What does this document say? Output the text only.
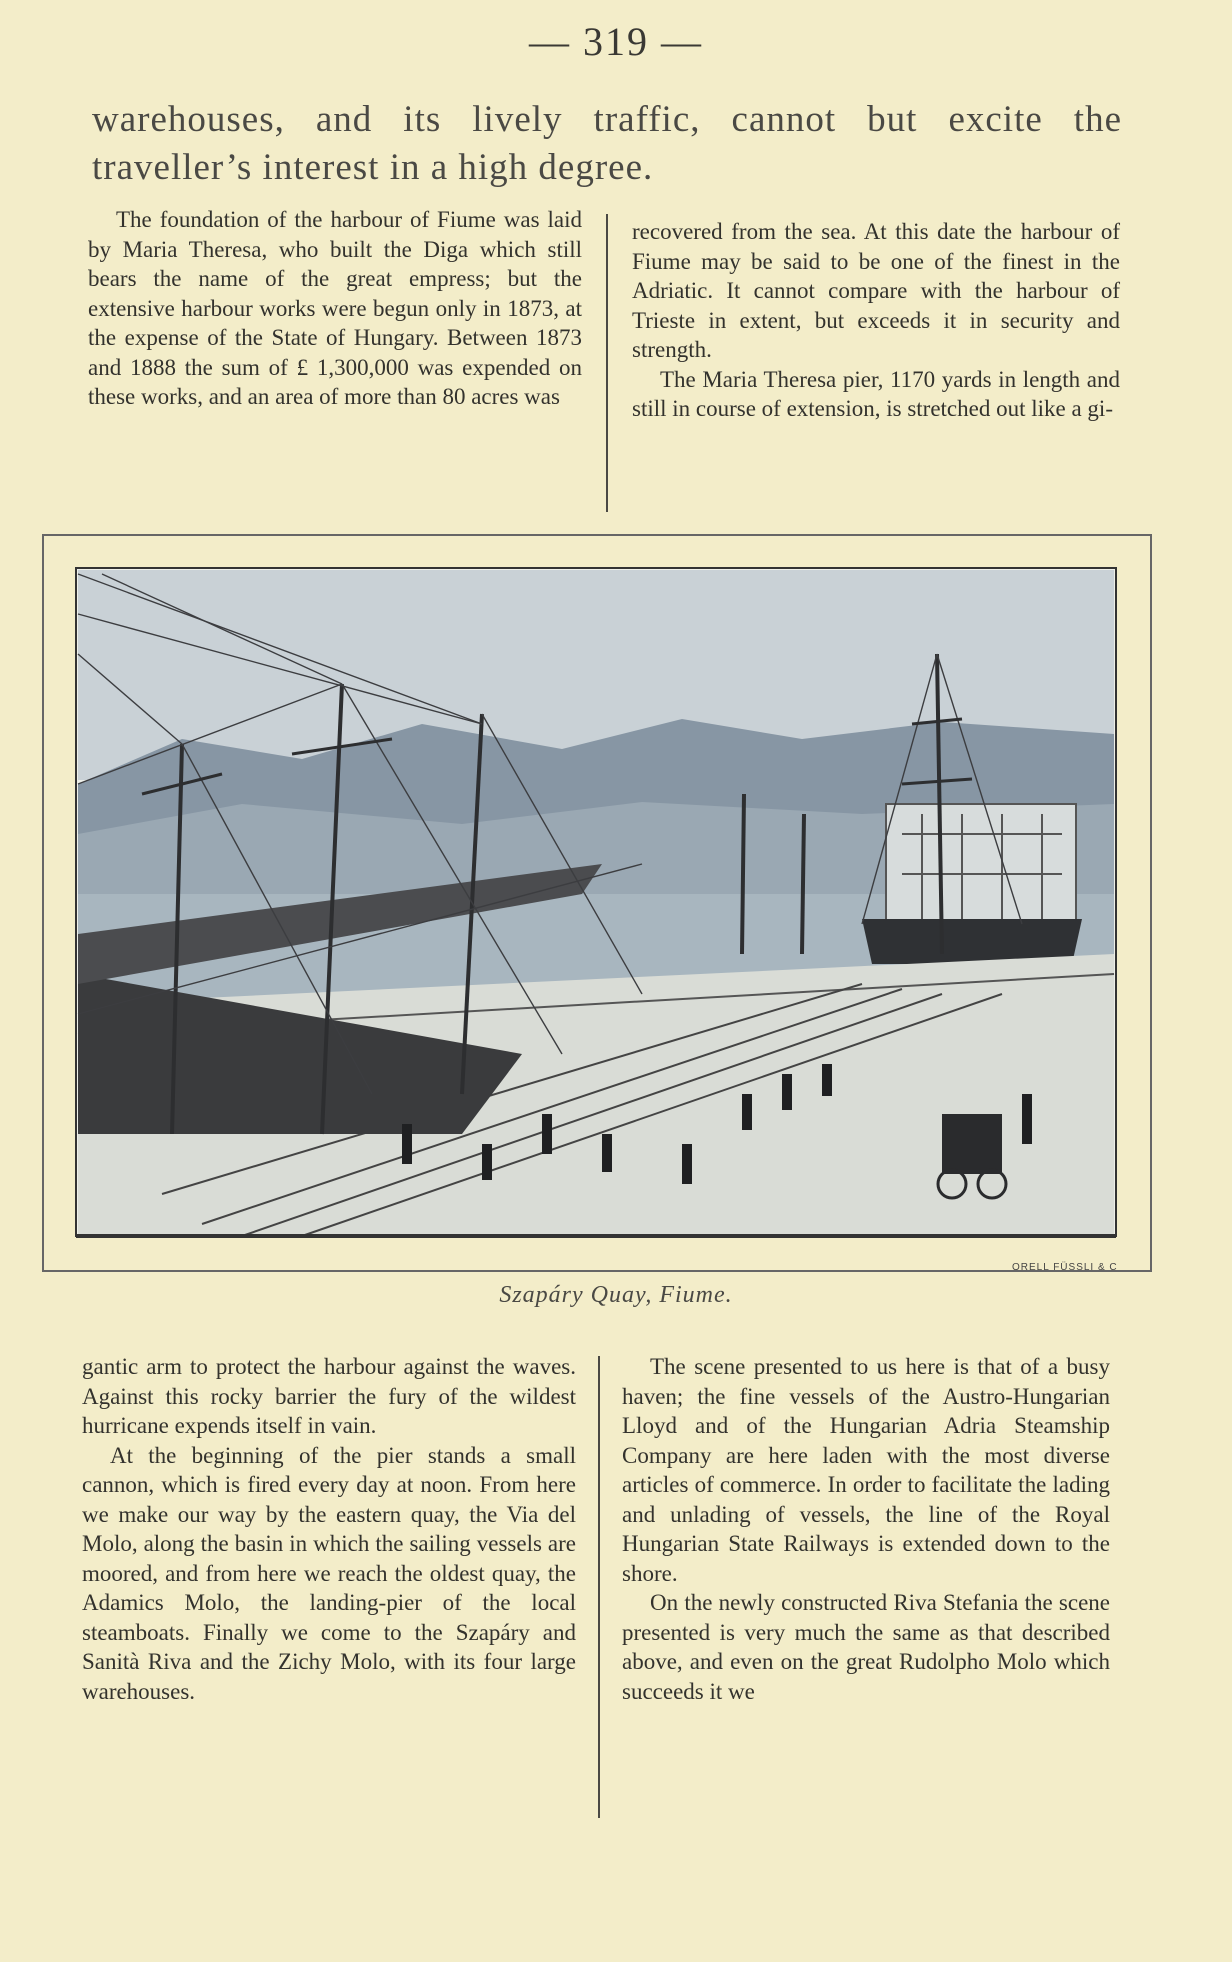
— 319 —
warehouses, and its lively traffic, cannot but excite the traveller’s interest in a high degree.

The foundation of the harbour of Fiume was laid by Maria Theresa, who built the Diga which still bears the name of the great empress; but the extensive harbour works were begun only in 1873, at the expense of the State of Hungary. Between 1873 and 1888 the sum of £ 1,300,000 was expended on these works, and an area of more than 80 acres was

recovered from the sea. At this date the harbour of Fiume may be said to be one of the finest in the Adriatic. It cannot compare with the harbour of Trieste in extent, but exceeds it in security and strength.

The Maria Theresa pier, 1170 yards in length and still in course of extension, is stretched out like a gi-

ORELL FÜSSLI & C
Szapáry Quay, Fiume.

gantic arm to protect the harbour against the waves. Against this rocky barrier the fury of the wildest hurricane expends itself in vain.

At the beginning of the pier stands a small cannon, which is fired every day at noon. From here we make our way by the eastern quay, the Via del Molo, along the basin in which the sailing vessels are moored, and from here we reach the oldest quay, the Adamics Molo, the landing-pier of the local steamboats. Finally we come to the Szapáry and Sanità Riva and the Zichy Molo, with its four large warehouses.

The scene presented to us here is that of a busy haven; the fine vessels of the Austro-Hungarian Lloyd and of the Hungarian Adria Steamship Company are here laden with the most diverse articles of commerce. In order to facilitate the lading and unlading of vessels, the line of the Royal Hungarian State Railways is extended down to the shore.

On the newly constructed Riva Stefania the scene presented is very much the same as that described above, and even on the great Rudolpho Molo which succeeds it we
